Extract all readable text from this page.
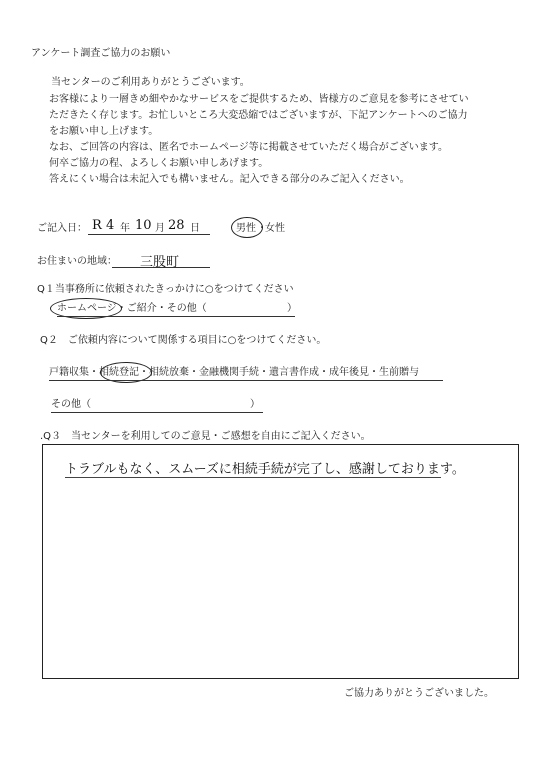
アンケート調査ご協力のお願い
当センターのご利用ありがとうございます。
お客様により一層きめ細やかなサービスをご提供するため、皆様方のご意見を参考にさせてい
ただきたく存じます。お忙しいところ大変恐縮ではございますが、下記アンケートへのご協力
をお願い申し上げます。
なお、ご回答の内容は、匿名でホームページ等に掲載させていただく場合がございます。
何卒ご協力の程、よろしくお願い申しあげます。
答えにくい場合は未記入でも構いません。記入できる部分のみご記入ください。
ご記入日： R 4 年 10 月 28 日	男性 ・
女性
お住まいの地域： 三股町
Q１当事務所に依頼されたきっかけに○をつけてください
ホームページ・ご紹介・その他（	）
Q２　ご依頼内容について関係する項目に○をつけてください。
戸籍収集・相続登記・相続放棄・金融機関手続・遺言書作成・成年後見・生前贈与
その他（	）
.Q３　当センターを利用してのご意見・ご感想を自由にご記入ください。
トラブルもなく、スムーズに相続手続が完了し、感謝しております。
ご協力ありがとうございました。
